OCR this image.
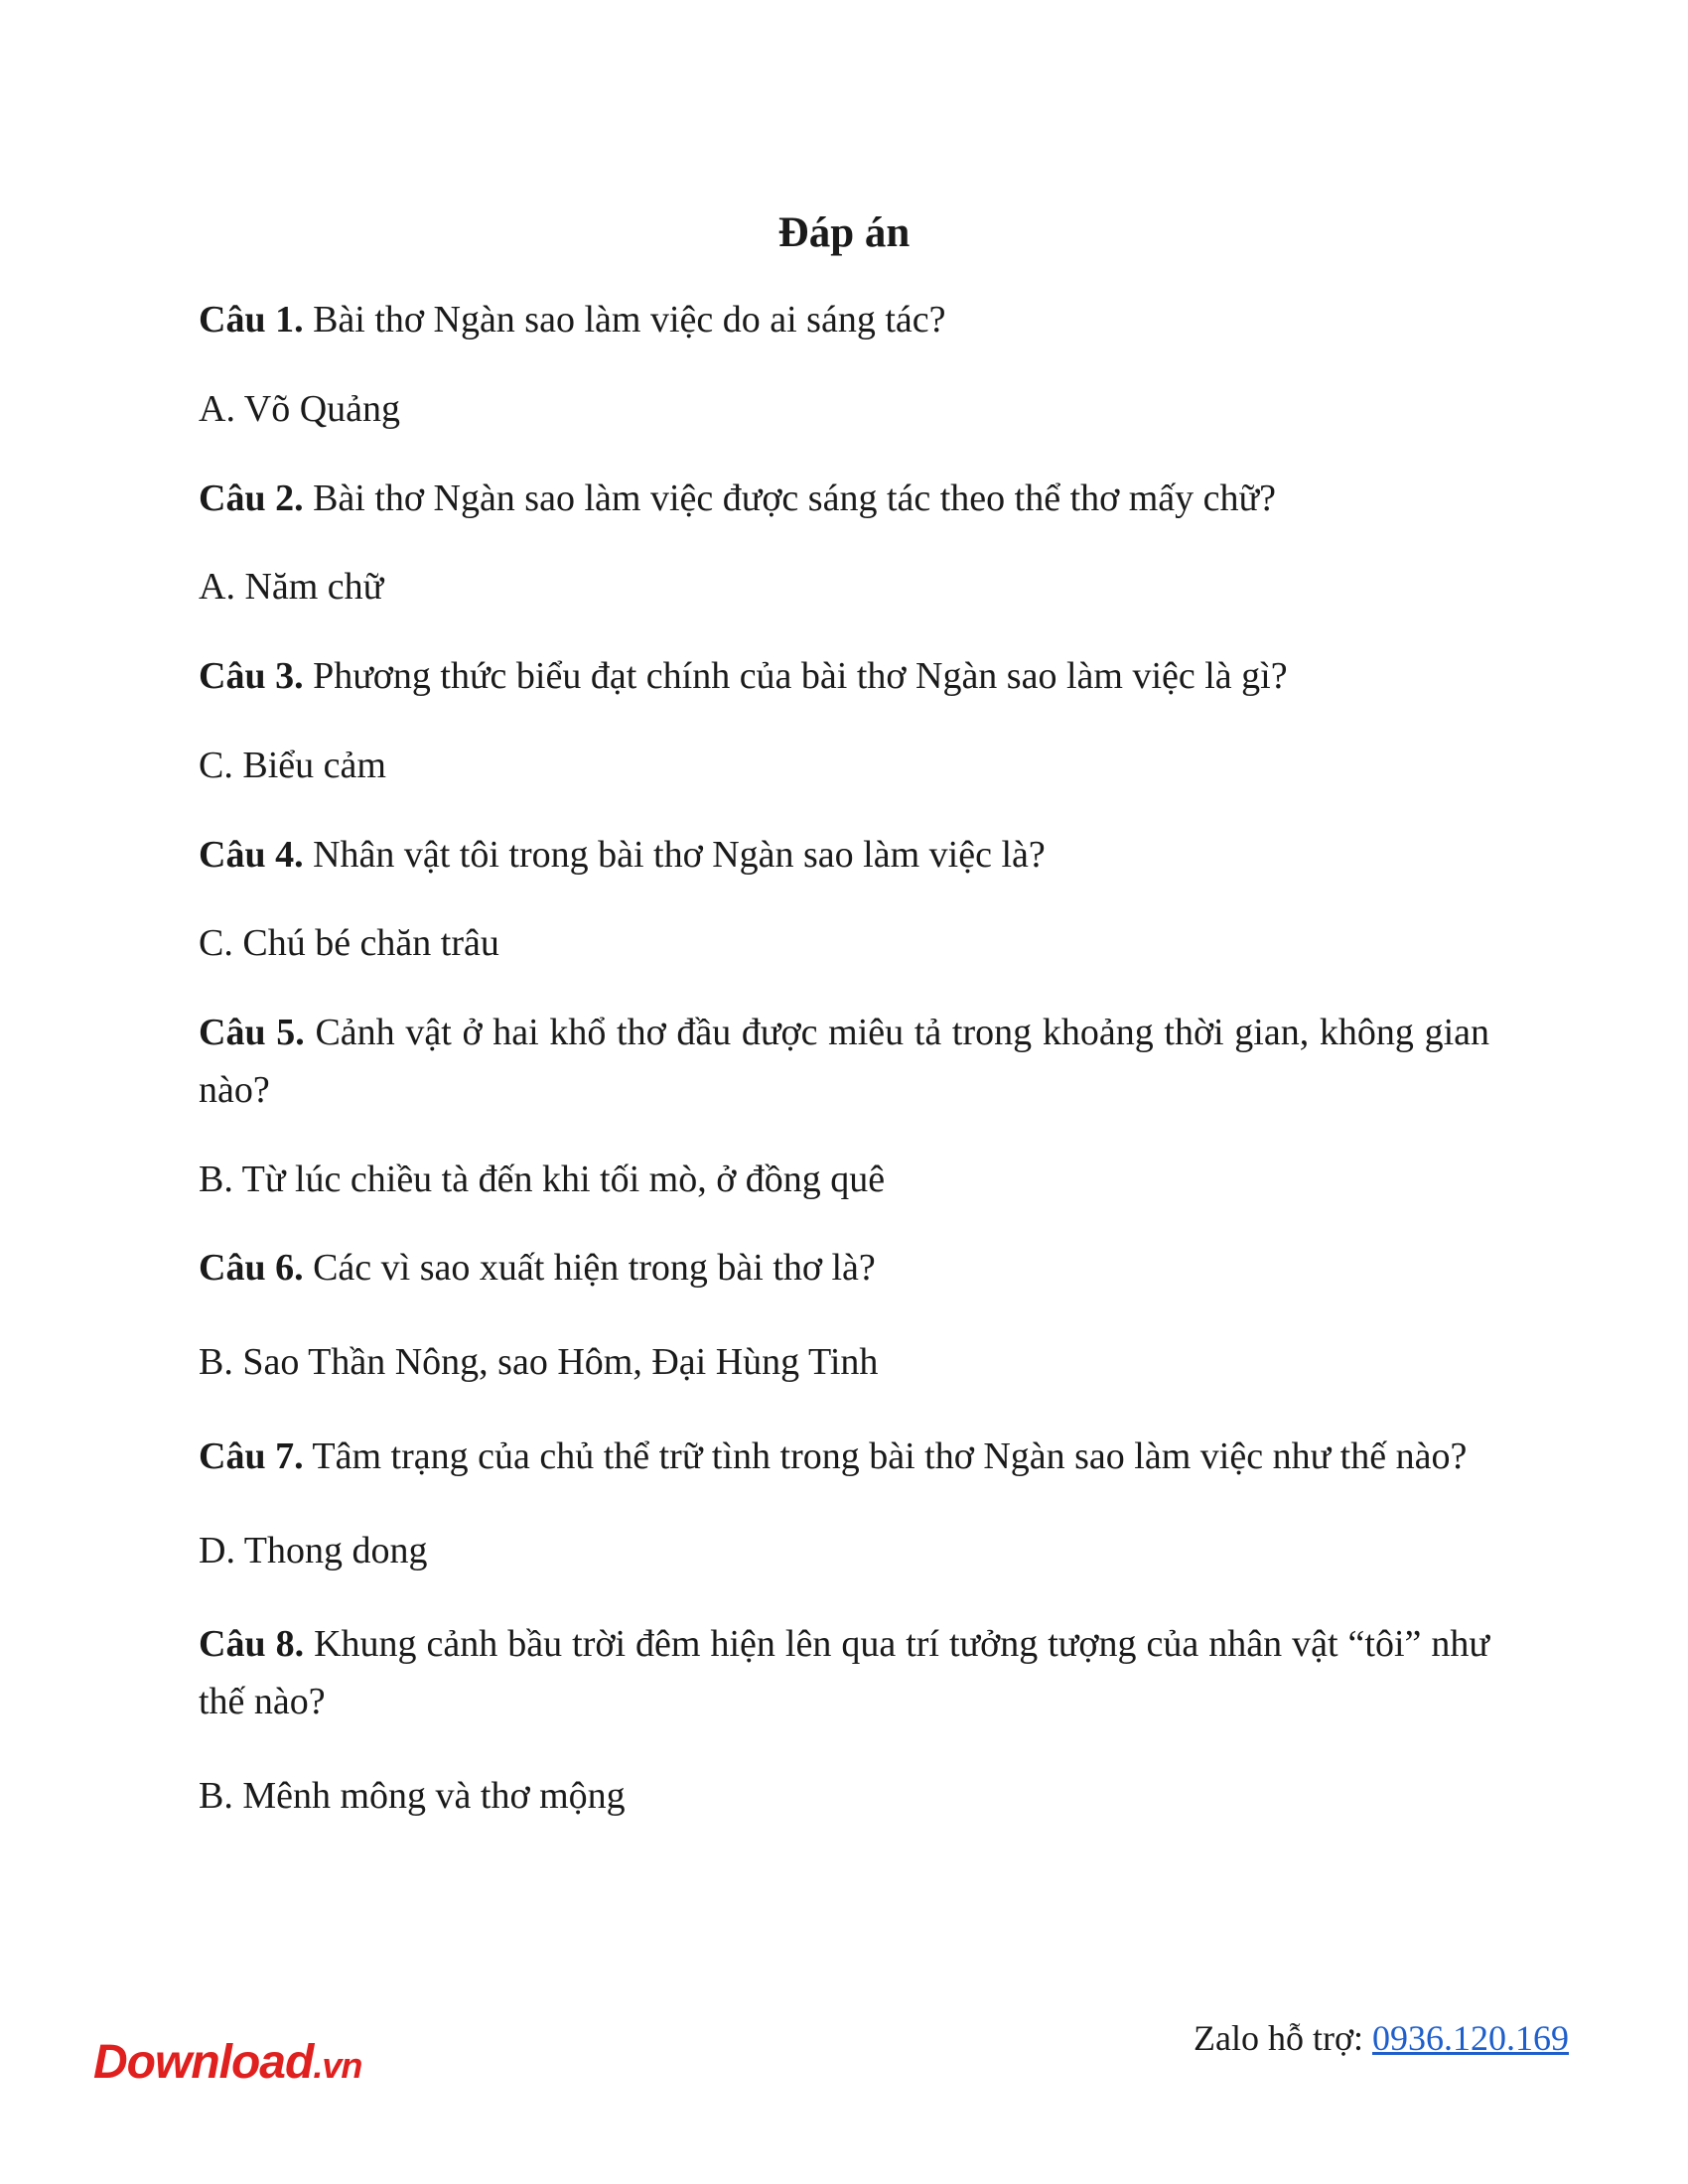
Đáp án

Câu 1. Bài thơ Ngàn sao làm việc do ai sáng tác?

A. Võ Quảng

Câu 2. Bài thơ Ngàn sao làm việc được sáng tác theo thể thơ mấy chữ?

A. Năm chữ

Câu 3. Phương thức biểu đạt chính của bài thơ Ngàn sao làm việc là gì?

C. Biểu cảm

Câu 4. Nhân vật tôi trong bài thơ Ngàn sao làm việc là?

C. Chú bé chăn trâu

Câu 5. Cảnh vật ở hai khổ thơ đầu được miêu tả trong khoảng thời gian, không gian nào?

B. Từ lúc chiều tà đến khi tối mò, ở đồng quê

Câu 6. Các vì sao xuất hiện trong bài thơ là?

B. Sao Thần Nông, sao Hôm, Đại Hùng Tinh

Câu 7. Tâm trạng của chủ thể trữ tình trong bài thơ Ngàn sao làm việc như thế nào?

D. Thong dong

Câu 8. Khung cảnh bầu trời đêm hiện lên qua trí tưởng tượng của nhân vật “tôi” như thế nào?

B. Mênh mông và thơ mộng

Download.vn
Zalo hỗ trợ: 0936.120.169
